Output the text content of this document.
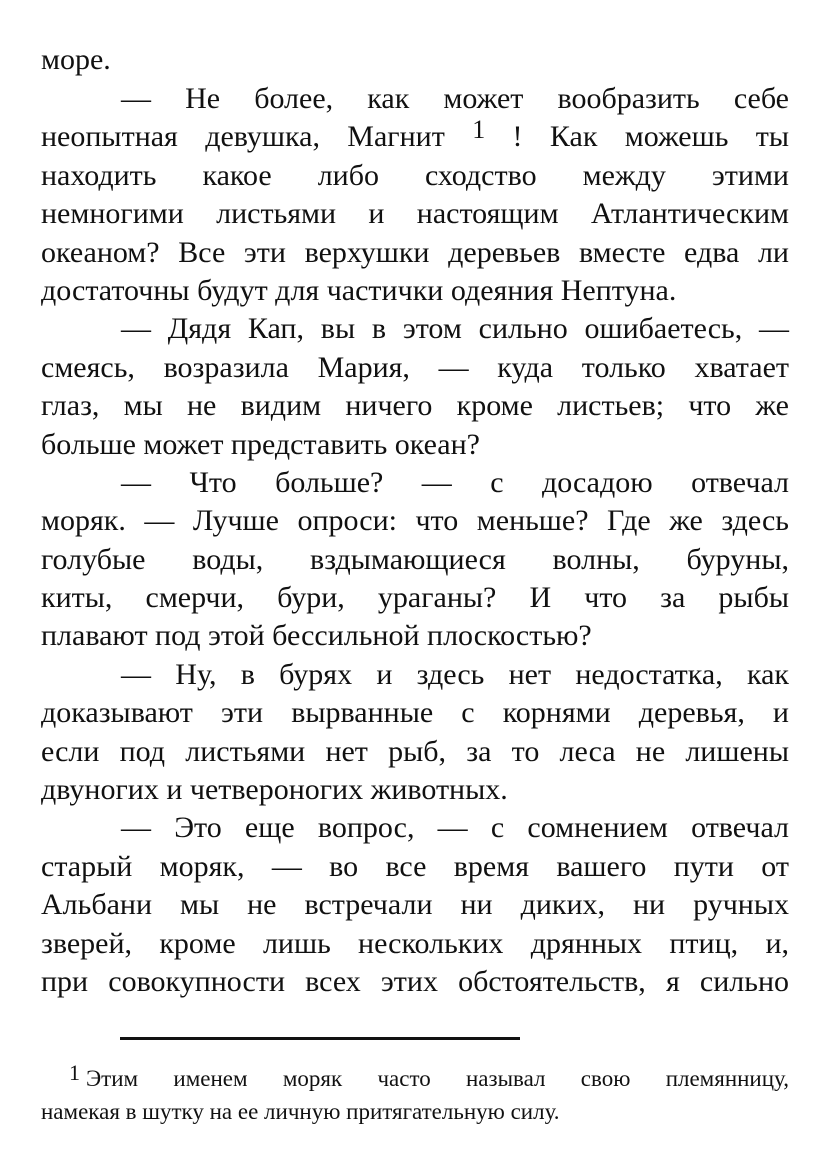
море.
— Не более, как может вообразить себе
неопытная девушка, Магнит $^1$ ! Как можешь ты
находить какое либо сходство между этими
немногими листьями и настоящим Атлантическим
океаном? Все эти верхушки деревьев вместе едва ли
достаточны будут для частички одеяния Нептуна.
— Дядя Кап, вы в этом сильно ошибаетесь, —
смеясь, возразила Мария, — куда только хватает
глаз, мы не видим ничего кроме листьев; что же
больше может представить океан?
— Что больше? — с досадою отвечал
моряк. — Лучше опроси: что меньше? Где же здесь
голубые воды, вздымающиеся волны, буруны,
киты, смерчи, бури, ураганы? И что за рыбы
плавают под этой бессильной плоскостью?
— Ну, в бурях и здесь нет недостатка, как
доказывают эти вырванные с корнями деревья, и
если под листьями нет рыб, за то леса не лишены
двуногих и четвероногих животных.
— Это еще вопрос, — с сомнением отвечал
старый моряк, — во все время вашего пути от
Альбани мы не встречали ни диких, ни ручных
зверей, кроме лишь нескольких дрянных птиц, и,
при совокупности всех этих обстоятельств, я сильно
1 Этим именем моряк часто называл свою племянницу,
намекая в шутку на ее личную притягательную силу.
